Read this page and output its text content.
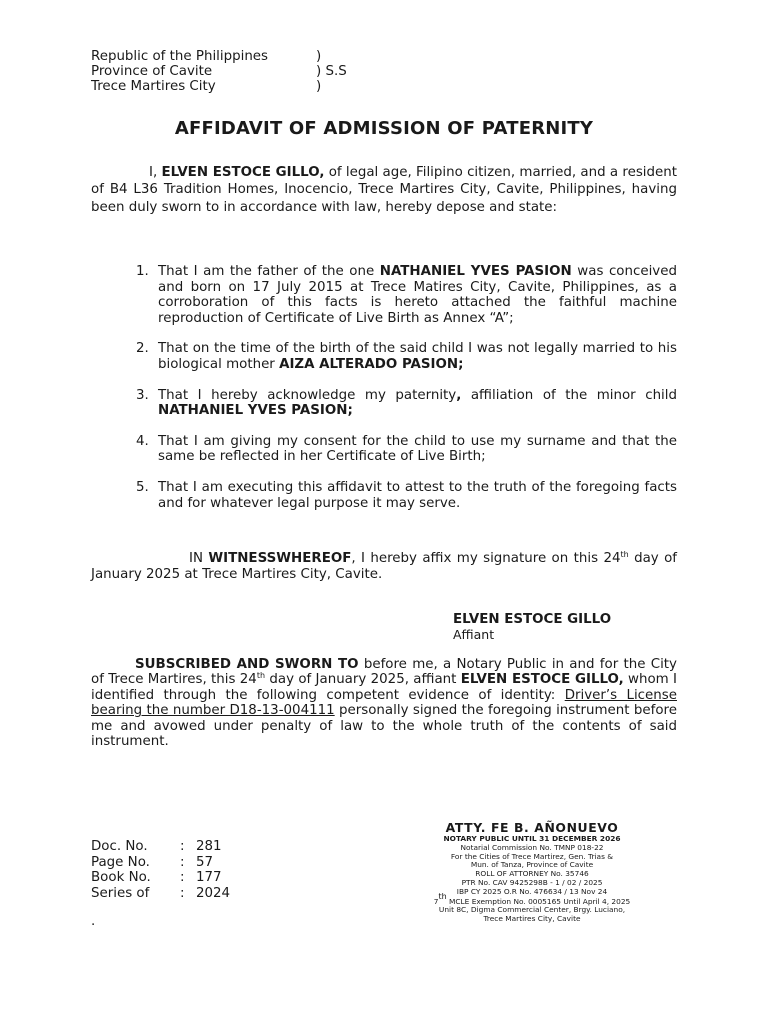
Republic of the Philippines	)
Province of Cavite	) S.S
Trece Martires City	)
AFFIDAVIT OF ADMISSION OF PATERNITY
I, ELVEN ESTOCE GILLO, of legal age, Filipino citizen, married, and a resident of B4 L36 Tradition Homes, Inocencio, Trece Martires City, Cavite, Philippines, having been duly sworn to in accordance with law, hereby depose and state:
1. That I am the father of the one NATHANIEL YVES PASION was conceived and born on 17 July 2015 at Trece Matires City, Cavite, Philippines, as a corroboration of this facts is hereto attached the faithful machine reproduction of Certificate of Live Birth as Annex “A”;
2. That on the time of the birth of the said child I was not legally married to his biological mother AIZA ALTERADO PASION;
3. That I hereby acknowledge my paternity, affiliation of the minor child NATHANIEL YVES PASION;
4. That I am giving my consent for the child to use my surname and that the same be reflected in her Certificate of Live Birth;
5. That I am executing this affidavit to attest to the truth of the foregoing facts and for whatever legal purpose it may serve.
IN WITNESSWHEREOF, I hereby affix my signature on this 24th day of January 2025 at Trece Martires City, Cavite.
ELVEN ESTOCE GILLO
Affiant
SUBSCRIBED AND SWORN TO before me, a Notary Public in and for the City of Trece Martires, this 24th day of January 2025, affiant ELVEN ESTOCE GILLO, whom I identified through the following competent evidence of identity: Driver’s License bearing the number D18-13-004111 personally signed the foregoing instrument before me and avowed under penalty of law to the whole truth of the contents of said instrument.
ATTY. FE B. AÑONUEVO
NOTARY PUBLIC UNTIL 31 DECEMBER 2026
Notarial Commission No. TMNP 018-22
For the Cities of Trece Martirez, Gen. Trias &
Mun. of Tanza, Province of Cavite
ROLL OF ATTORNEY No. 35746
PTR No. CAV 9425298B - 1 / 02 / 2025
IBP CY 2025 O.R No. 476634 / 13 Nov 24
7th MCLE Exemption No. 0005165 Until April 4, 2025
Unit 8C, Digma Commercial Center, Brgy. Luciano,
Trece Martires City, Cavite
Doc. No. : 281
Page No. : 57
Book No. : 177
Series of : 2024
.
